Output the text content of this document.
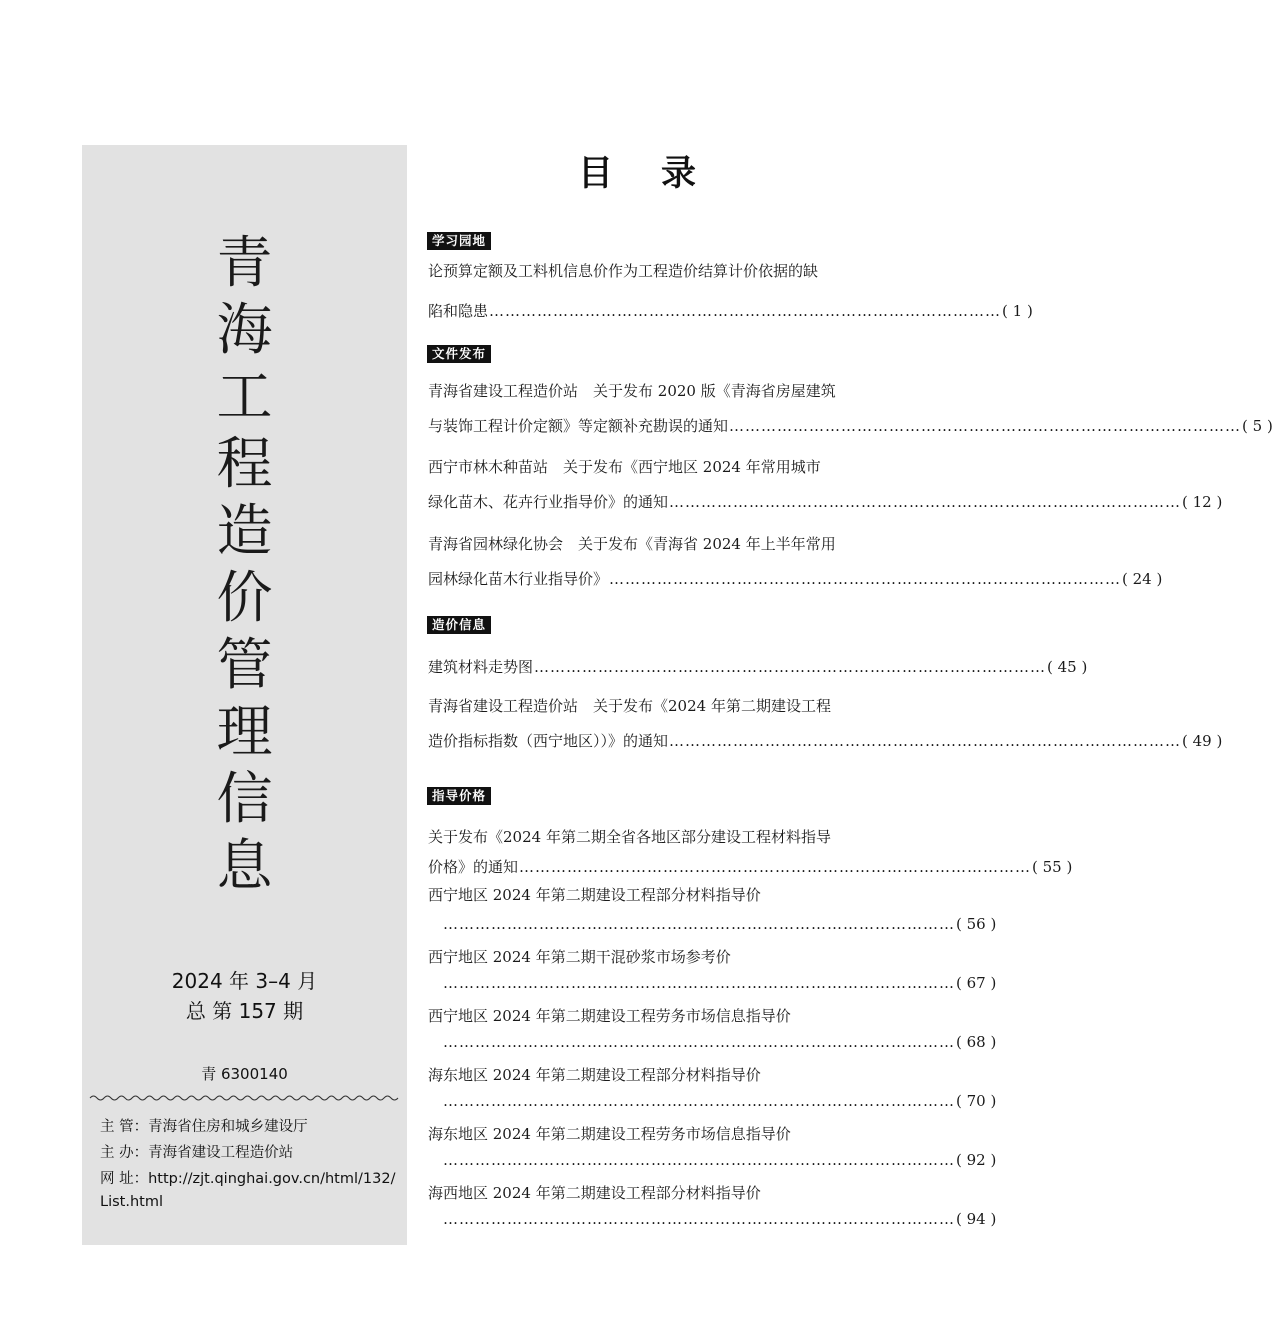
青
海
工
程
造
价
管
理
信
息
2024 年 3–4 月
总 第 157 期
青 6300140
主 管：青海省住房和城乡建设厅
主 办：青海省建设工程造价站
网 址：http://zjt.qinghai.gov.cn/html/132/
List.html
目录
学习园地
论预算定额及工料机信息价作为工程造价结算计价依据的缺
陷和隐患 …………………………………………………………………………………… ( 1 )
文件发布
青海省建设工程造价站　关于发布 2020 版《青海省房屋建筑
与装饰工程计价定额》等定额补充勘误的通知 …………………………………………………………………………………… ( 5 )
西宁市林木种苗站　关于发布《西宁地区 2024 年常用城市
绿化苗木、花卉行业指导价》的通知 …………………………………………………………………………………… ( 12 )
青海省园林绿化协会　关于发布《青海省 2024 年上半年常用
园林绿化苗木行业指导价》 …………………………………………………………………………………… ( 24 )
造价信息
建筑材料走势图 …………………………………………………………………………………… ( 45 )
青海省建设工程造价站　关于发布《2024 年第二期建设工程
造价指标指数（西宁地区））》的通知 …………………………………………………………………………………… ( 49 )
指导价格
关于发布《2024 年第二期全省各地区部分建设工程材料指导
价格》的通知 …………………………………………………………………………………… ( 55 )
西宁地区 2024 年第二期建设工程部分材料指导价
…………………………………………………………………………………… ( 56 )
西宁地区 2024 年第二期干混砂浆市场参考价
…………………………………………………………………………………… ( 67 )
西宁地区 2024 年第二期建设工程劳务市场信息指导价
…………………………………………………………………………………… ( 68 )
海东地区 2024 年第二期建设工程部分材料指导价
…………………………………………………………………………………… ( 70 )
海东地区 2024 年第二期建设工程劳务市场信息指导价
…………………………………………………………………………………… ( 92 )
海西地区 2024 年第二期建设工程部分材料指导价
…………………………………………………………………………………… ( 94 )
